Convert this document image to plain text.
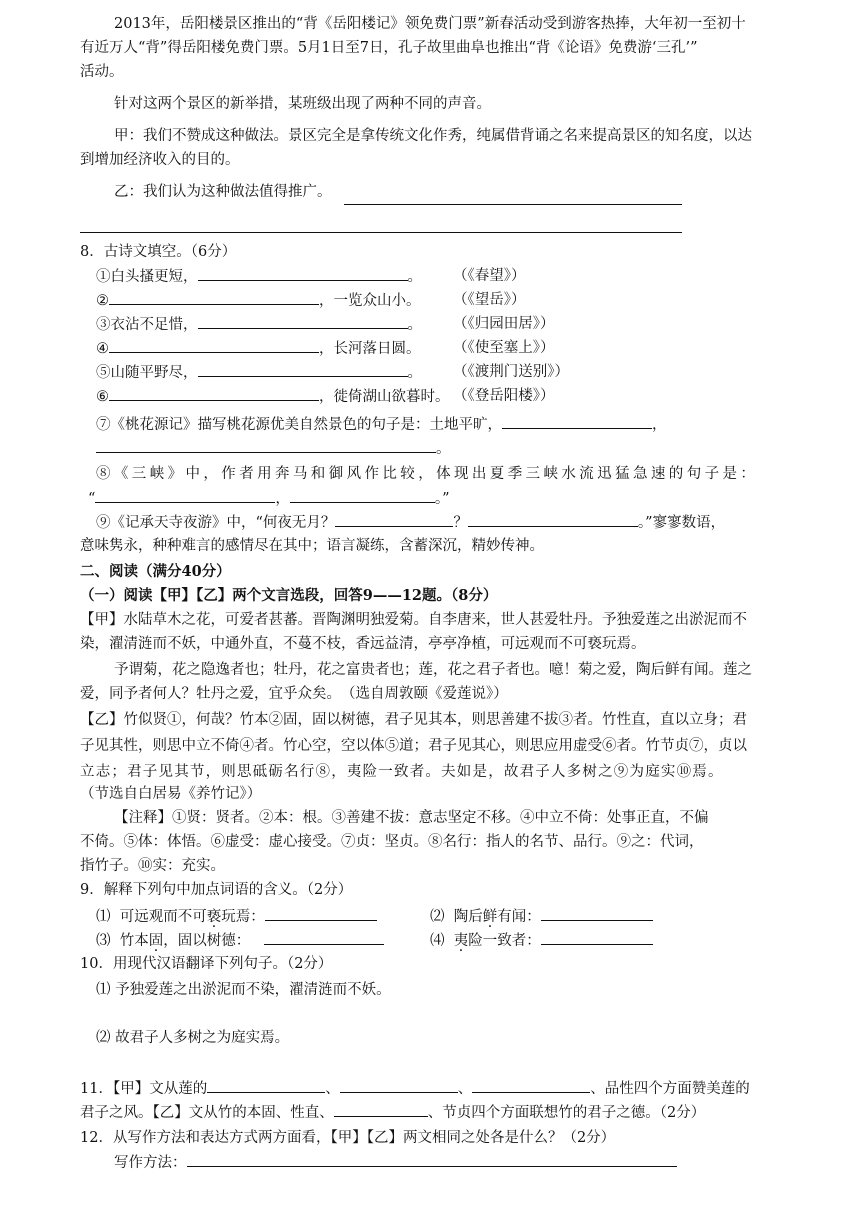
2013年，岳阳楼景区推出的“背《岳阳楼记》领免费门票”新春活动受到游客热捧，大年初一至初十
有近万人“背”得岳阳楼免费门票。5月1日至7日，孔子故里曲阜也推出“背《论语》免费游‘三孔’”
活动。
针对这两个景区的新举措，某班级出现了两种不同的声音。
甲：我们不赞成这种做法。景区完全是拿传统文化作秀，纯属借背诵之名来提高景区的知名度，以达
到增加经济收入的目的。
乙：我们认为这种做法值得推广。
8．古诗文填空。（6分）
①白头搔更短，	。 （《春望》）
②	，一览众山小。 （《望岳》）
③衣沾不足惜，	。 （《归园田居》）
④	，长河落日圆。 （《使至塞上》）
⑤山随平野尽，	。 （《渡荆门送别》）
⑥	，徙倚湖山欲暮时。 （《登岳阳楼》）
⑦《桃花源记》描写桃花源优美自然景色的句子是：土地平旷，	，
。
⑧《三峡》中，作者用奔马和御风作比较，体现出夏季三峡水流迅猛急速的句子是：
“	，	。”
⑨《记承天寺夜游》中，“何夜无月？	？	。”寥寥数语，
意味隽永，种种难言的感情尽在其中；语言凝练，含蓄深沉，精妙传神。
二、阅读（满分40分）
（一）阅读【甲】【乙】两个文言选段，回答9——12题。（8分）
【甲】水陆草木之花，可爱者甚蕃。晋陶渊明独爱菊。自李唐来，世人甚爱牡丹。予独爱莲之出淤泥而不
染，濯清涟而不妖，中通外直，不蔓不枝，香远益清，亭亭净植，可远观而不可亵玩焉。
予谓菊，花之隐逸者也；牡丹，花之富贵者也；莲，花之君子者也。噫！菊之爱，陶后鲜有闻。莲之
爱，同予者何人？牡丹之爱，宜乎众矣。　（选自周敦颐《爱莲说》）
【乙】竹似贤①，何哉？竹本②固，固以树德，君子见其本，则思善建不拔③者。竹性直，直以立身；君
子见其性，则思中立不倚④者。竹心空，空以体⑤道；君子见其心，则思应用虚受⑥者。竹节贞⑦，贞以
立志；君子见其节，则思砥砺名行⑧，夷险一致者。夫如是，故君子人多树之⑨为庭实⑩焉。
（节选自白居易《养竹记》）
【注释】①贤：贤者。②本：根。③善建不拔：意志坚定不移。④中立不倚：处事正直，不偏
不倚。⑤体：体悟。⑥虚受：虚心接受。⑦贞：坚贞。⑧名行：指人的名节、品行。⑨之：代词，
指竹子。⑩实：充实。
9．解释下列句中加点词语的含义。（2分）
⑴ 可远观而不可亵玩焉：	⑵ 陶后鲜有闻：
⑶ 竹本固，固以树德：	⑷ 夷险一致者：
10．用现代汉语翻译下列句子。（2分）
⑴ 予独爱莲之出淤泥而不染，濯清涟而不妖。
⑵ 故君子人多树之为庭实焉。
11．【甲】文从莲的	、	、	、品性四个方面赞美莲的
君子之风。【乙】文从竹的本固、性直、	、节贞四个方面联想竹的君子之德。（2分）
12．从写作方法和表达方式两方面看，【甲】【乙】两文相同之处各是什么？（2分）
写作方法：
